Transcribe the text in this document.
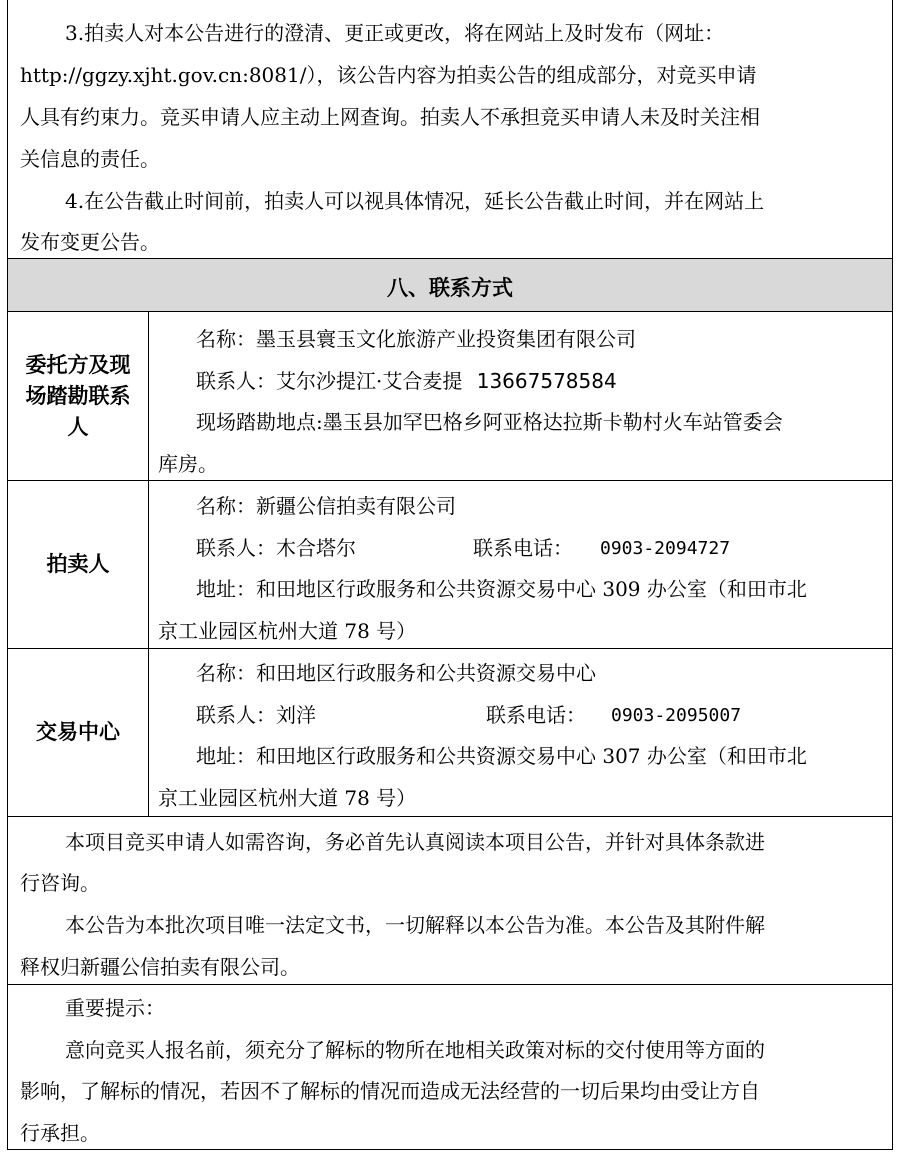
3.拍卖人对本公告进行的澄清、更正或更改，将在网站上及时发布（网址：
http://ggzy.xjht.gov.cn:8081/），该公告内容为拍卖公告的组成部分，对竞买申请
人具有约束力。竞买申请人应主动上网查询。拍卖人不承担竞买申请人未及时关注相
关信息的责任。
4.在公告截止时间前，拍卖人可以视具体情况，延长公告截止时间，并在网站上
发布变更公告。
八、联系方式
委托方及现场踏勘联系人
名称：墨玉县寰玉文化旅游产业投资集团有限公司
联系人：艾尔沙提江·艾合麦提 13667578584
现场踏勘地点:墨玉县加罕巴格乡阿亚格达拉斯卡勒村火车站管委会
库房。
拍卖人
名称：新疆公信拍卖有限公司
联系人：木合塔尔	联系电话： 0903-2094727
地址：和田地区行政服务和公共资源交易中心 309 办公室（和田市北
京工业园区杭州大道 78 号）
交易中心
名称：和田地区行政服务和公共资源交易中心
联系人：刘洋	联系电话： 0903-2095007
地址：和田地区行政服务和公共资源交易中心 307 办公室（和田市北
京工业园区杭州大道 78 号）
本项目竞买申请人如需咨询，务必首先认真阅读本项目公告，并针对具体条款进
行咨询。
本公告为本批次项目唯一法定文书，一切解释以本公告为准。本公告及其附件解
释权归新疆公信拍卖有限公司。
重要提示：
意向竞买人报名前，须充分了解标的物所在地相关政策对标的交付使用等方面的
影响，了解标的情况，若因不了解标的情况而造成无法经营的一切后果均由受让方自
行承担。
